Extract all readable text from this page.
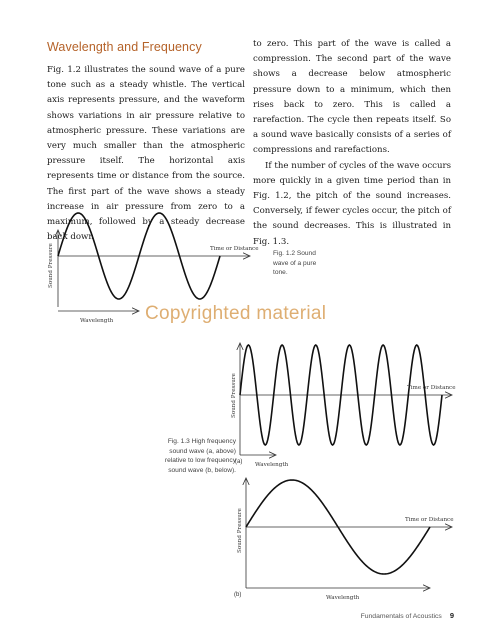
Wavelength and Frequency

Fig. 1.2 illustrates the sound wave of a pure tone such as a steady whistle. The vertical axis represents pressure, and the waveform shows variations in air pressure relative to atmospheric pressure. These variations are very much smaller than the atmospheric pressure itself. The horizontal axis represents time or distance from the source. The first part of the wave shows a steady increase in air pressure from zero to a maximum, followed by a steady decrease back down

to zero. This part of the wave is called a compression. The second part of the wave shows a decrease below atmospheric pressure down to a minimum, which then rises back to zero. This is called a rarefaction. The cycle then repeats itself. So a sound wave basically consists of a series of compressions and rarefactions.

If the number of cycles of the wave occurs more quickly in a given time period than in Fig. 1.2, the pitch of the sound increases. Conversely, if fewer cycles occur, the pitch of the sound decreases. This is illustrated in Fig. 1.3.

Sound Pressure	Time or Distance
Wavelength
Sound Pressure	Time or Distance
Wavelength
Sound Pressure	Time or Distance
Wavelength
Fig. 1.2 Sound wave of a pure tone.
Fig. 1.3 High frequency sound wave (a, above) relative to low frequency sound wave (b, below).
(a)
(b)
Copyrighted material
Fundamentals of Acoustics 9
